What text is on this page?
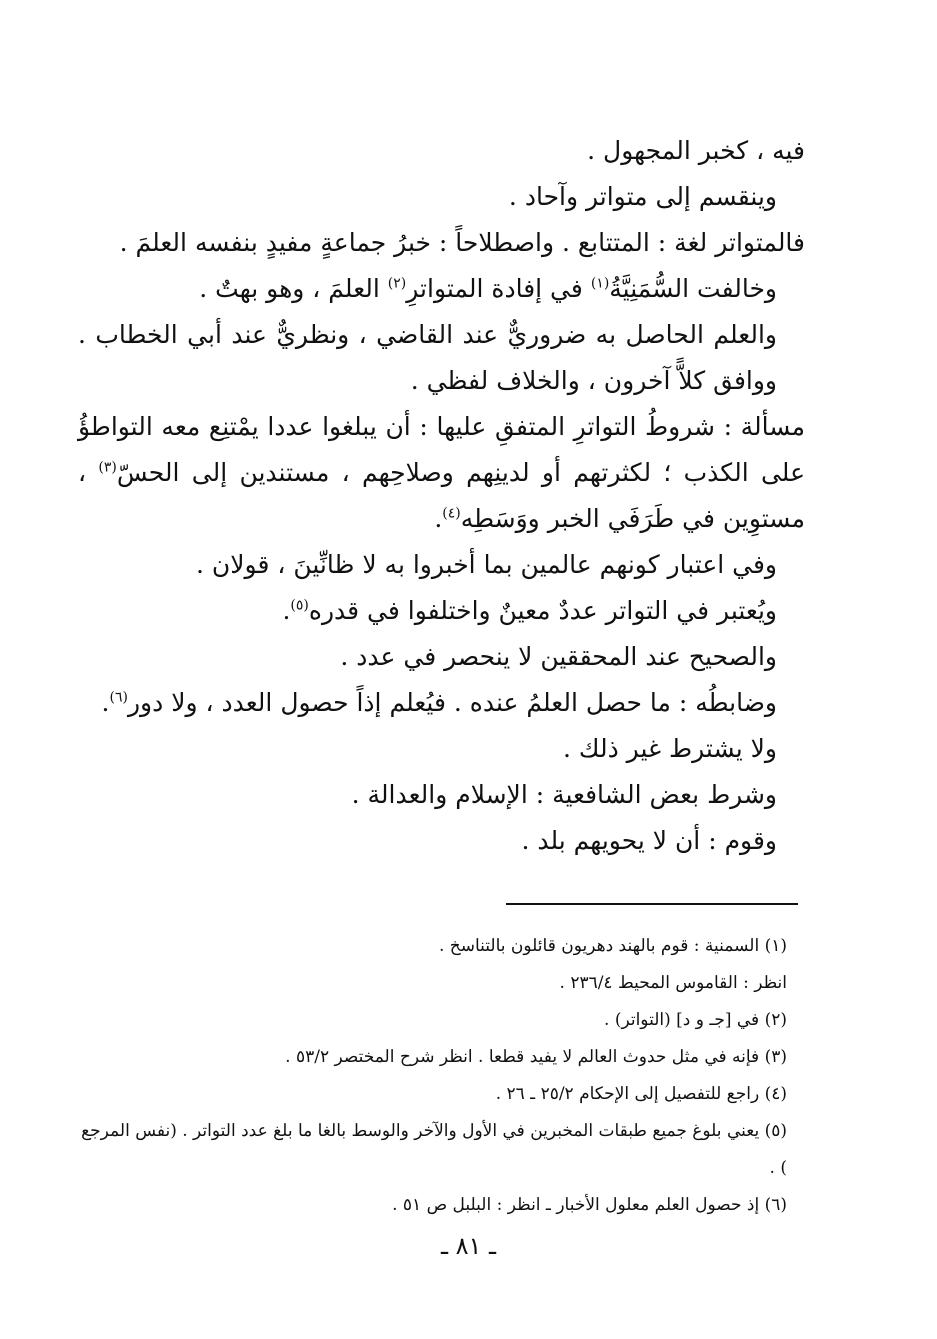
فيه ، كخبر المجهول .

وينقسم إلى متواتر وآحاد .

فالمتواتر لغة : المتتابع . واصطلاحاً : خبرُ جماعةٍ مفيدٍ بنفسه العلمَ .

وخالفت السُّمَنِيَّةُ$^{(١)}$ في إفادة المتواترِ$^{(٢)}$ العلمَ ، وهو بهتٌ .

والعلم الحاصل به ضروريٌّ عند القاضي ، ونظريٌّ عند أبي الخطاب . ووافق كلاًّ آخرون ، والخلاف لفظي .

مسألة : شروطُ التواترِ المتفقِ عليها : أن يبلغوا عددا يمْتنِع معه التواطؤُ على الكذب ؛ لكثرتهم أو لدينِهم وصلاحِهم ، مستندين إلى الحسّ$^{(٣)}$ ، مستوِين في طَرَفَي الخبر ووَسَطِه$^{(٤)}$.

وفي اعتبار كونهم عالمين بما أخبروا به لا ظانِّينَ ، قولان .

ويُعتبر في التواتر عددٌ معينٌ واختلفوا في قدره$^{(٥)}$.

والصحيح عند المحققين لا ينحصر في عدد .

وضابطُه : ما حصل العلمُ عنده . فيُعلم إذاً حصول العدد ، ولا دور$^{(٦)}$.

ولا يشترط غير ذلك .

وشرط بعض الشافعية : الإسلام والعدالة .

وقوم : أن لا يحويهم بلد .

(١) السمنية : قوم بالهند دهريون قائلون بالتناسخ .

انظر : القاموس المحيط ٢٣٦/٤ .

(٢) في [جـ و د] (التواتر) .

(٣) فإنه في مثل حدوث العالم لا يفيد قطعا . انظر شرح المختصر ٥٣/٢ .

(٤) راجع للتفصيل إلى الإحكام ٢٥/٢ ـ ٢٦ .

(٥) يعني بلوغ جميع طبقات المخبرين في الأول والآخر والوسط بالغا ما بلغ عدد التواتر . (نفس المرجع ) .

(٦) إذ حصول العلم معلول الأخبار ـ انظر : البلبل ص ٥١ .

ـ ٨١ ـ
